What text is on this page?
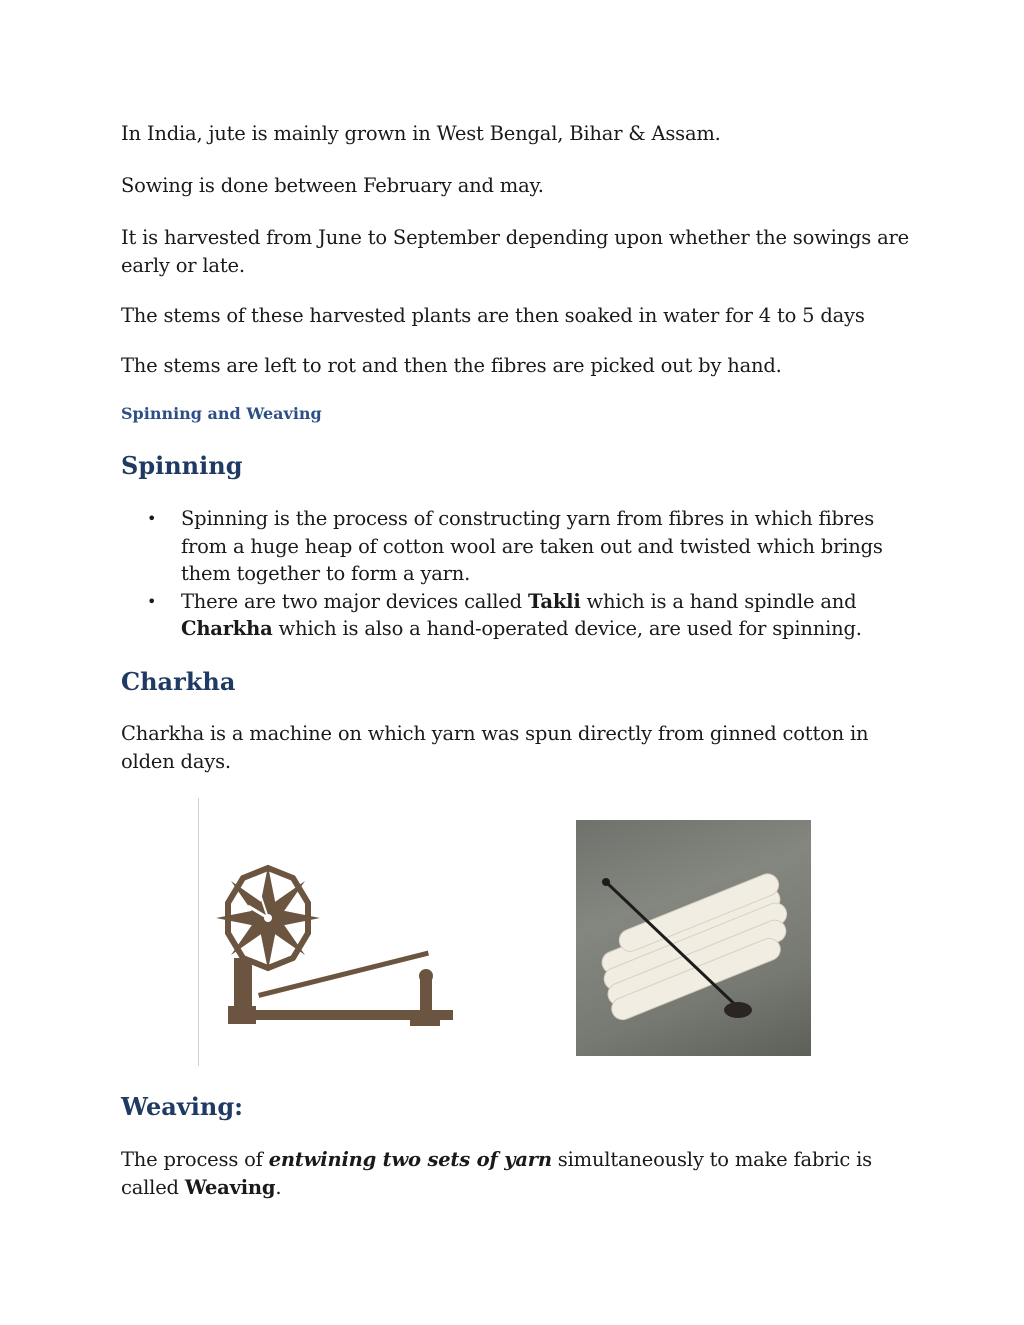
In India, jute is mainly grown in West Bengal, Bihar & Assam.

Sowing is done between February and may.

It is harvested from June to September depending upon whether the sowings are early or late.

The stems of these harvested plants are then soaked in water for 4 to 5 days

The stems are left to rot and then the fibres are picked out by hand.

Spinning and Weaving
Spinning
• Spinning is the process of constructing yarn from fibres in which fibres from a huge heap of cotton wool are taken out and twisted which brings them together to form a yarn.
• There are two major devices called Takli which is a hand spindle and Charkha which is also a hand-operated device, are used for spinning.
Charkha

Charkha is a machine on which yarn was spun directly from ginned cotton in olden days.

Weaving:

The process of entwining two sets of yarn simultaneously to make fabric is called Weaving.
